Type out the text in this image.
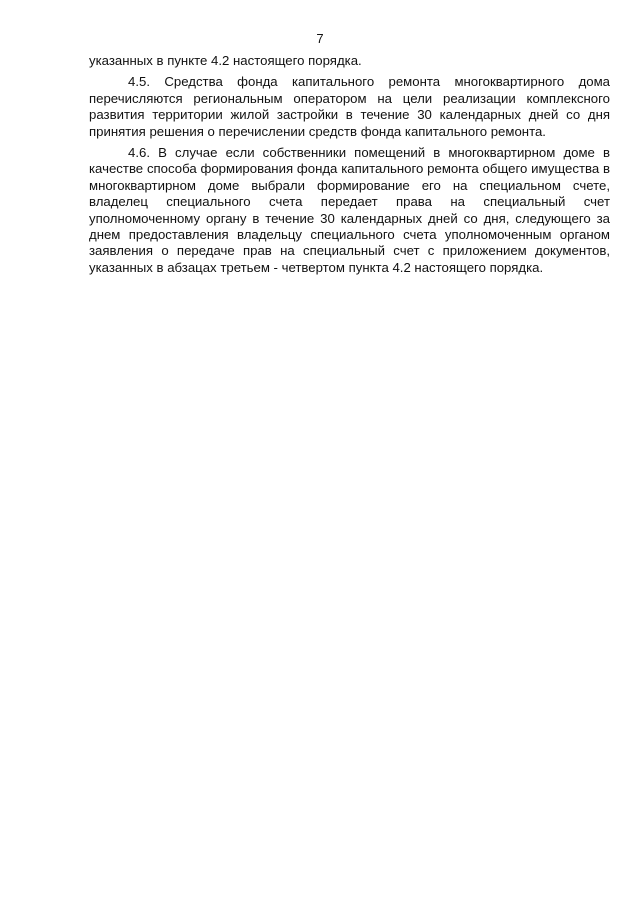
7

указанных в пункте 4.2 настоящего порядка.

4.5. Средства фонда капитального ремонта многоквартирного дома перечисляются региональным оператором на цели реализации комплексного развития территории жилой застройки в течение 30 календарных дней со дня принятия решения о перечислении средств фонда капитального ремонта.

4.6. В случае если собственники помещений в многоквартирном доме в качестве способа формирования фонда капитального ремонта общего имущества в многоквартирном доме выбрали формирование его на специальном счете, владелец специального счета передает права на специальный счет уполномоченному органу в течение 30 календарных дней со дня, следующего за днем предоставления владельцу специального счета уполномоченным органом заявления о передаче прав на специальный счет с приложением документов, указанных в абзацах третьем - четвертом пункта 4.2 настоящего порядка.
